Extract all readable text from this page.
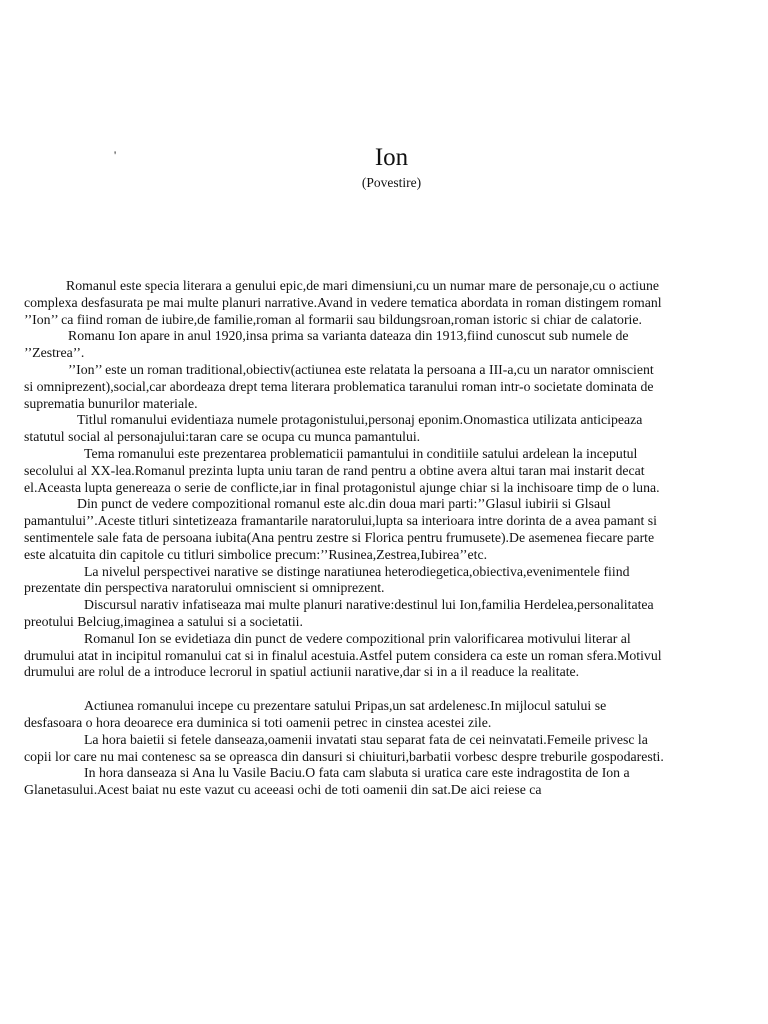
'	Ion
(Povestire)

Romanul este specia literara a genului epic,de mari dimensiuni,cu un numar mare de personaje,cu o actiune complexa desfasurata pe mai multe planuri narrative.Avand in vedere tematica abordata in roman distingem romanl ’’Ion’’ ca fiind roman de iubire,de familie,roman al formarii sau bildungsroan,roman istoric si chiar de calatorie.

Romanu Ion apare in anul 1920,insa prima sa varianta dateaza din 1913,fiind cunoscut sub numele de ’’Zestrea’’.

’’Ion’’ este un roman traditional,obiectiv(actiunea este relatata la persoana a III-a,cu un narator omniscient si omniprezent),social,car abordeaza drept tema literara problematica taranului roman intr-o societate dominata de suprematia bunurilor materiale.

Titlul romanului evidentiaza numele protagonistului,personaj eponim.Onomastica utilizata anticipeaza statutul social al personajului:taran care se ocupa cu munca pamantului.

Tema romanului este prezentarea problematicii pamantului in conditiile satului ardelean la inceputul secolului al XX-lea.Romanul prezinta lupta uniu taran de rand pentru a obtine avera altui taran mai instarit decat el.Aceasta lupta genereaza o serie de conflicte,iar in final protagonistul ajunge chiar si la inchisoare timp de o luna.

Din punct de vedere compozitional romanul este alc.din doua mari parti:’’Glasul iubirii si Glsaul pamantului’’.Aceste titluri sintetizeaza framantarile naratorului,lupta sa interioara intre dorinta de a avea pamant si sentimentele sale fata de persoana iubita(Ana pentru zestre si Florica pentru frumusete).De asemenea fiecare parte este alcatuita din capitole cu titluri simbolice precum:’’Rusinea,Zestrea,Iubirea’’etc.

La nivelul perspectivei narative se distinge naratiunea heterodiegetica,obiectiva,evenimentele fiind prezentate din perspectiva naratorului omniscient si omniprezent.

Discursul narativ infatiseaza mai multe planuri narative:destinul lui Ion,familia Herdelea,personalitatea preotului Belciug,imaginea a satului si a societatii.

Romanul Ion se evidetiaza din punct de vedere compozitional prin valorificarea motivului literar al drumului atat in incipitul romanului cat si in finalul acestuia.Astfel putem considera ca este un roman sfera.Motivul drumului are rolul de a introduce lecrorul in spatiul actiunii narative,dar si in a il readuce la realitate.

Actiunea romanului incepe cu prezentare satului Pripas,un sat ardelenesc.In mijlocul satului se desfasoara o hora deoarece era duminica si toti oamenii petrec in cinstea acestei zile.

La hora baietii si fetele danseaza,oamenii invatati stau separat fata de cei neinvatati.Femeile privesc la copii lor care nu mai contenesc sa se opreasca din dansuri si chiuituri,barbatii vorbesc despre treburile gospodaresti.

In hora danseaza si Ana lu Vasile Baciu.O fata cam slabuta si uratica care este indragostita de Ion a Glanetasului.Acest baiat nu este vazut cu aceeasi ochi de toti oamenii din sat.De aici reiese ca
